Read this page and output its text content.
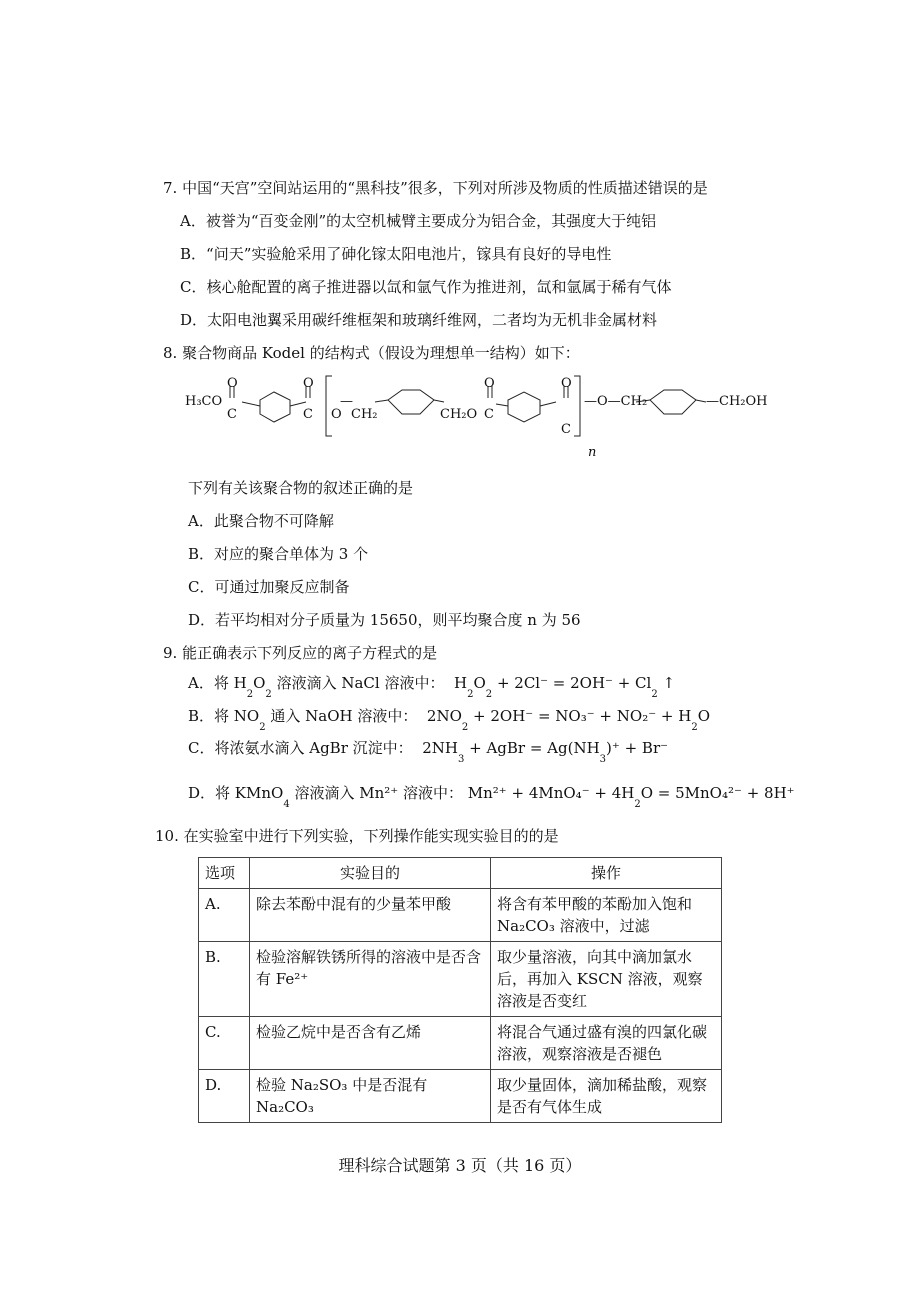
7. 中国“天宫”空间站运用的“黑科技”很多，下列对所涉及物质的性质描述错误的是
A．被誉为“百变金刚”的太空机械臂主要成分为铝合金，其强度大于纯铝
B．“问天”实验舱采用了砷化镓太阳电池片，镓具有良好的导电性
C．核心舱配置的离子推进器以氙和氩气作为推进剂，氙和氩属于稀有气体
D．太阳电池翼采用碳纤维框架和玻璃纤维网，二者均为无机非金属材料
8. 聚合物商品 Kodel 的结构式（假设为理想单一结构）如下：
H₃CO
O
C
O
C
—
O CH₂	CH₂O
O
C
O
C
—O—CH₂	—CH₂OH
n
下列有关该聚合物的叙述正确的是
A．此聚合物不可降解
B．对应的聚合单体为 3 个
C．可通过加聚反应制备
D．若平均相对分子质量为 15650，则平均聚合度 n 为 56
9. 能正确表示下列反应的离子方程式的是
A．将 $H_2O_2$ 溶液滴入 NaCl 溶液中： $H_2O_2 + 2Cl^- = 2OH^- + Cl_2$ ↑
B．将 $NO_2$ 通入 NaOH 溶液中： $2NO_2 + 2OH^- = NO_3^- + NO_2^- + H_2O$
C．将浓氨水滴入 AgBr 沉淀中： $2NH_3$ + AgBr = $Ag(NH_3)^+ + Br^-$
D．将 KMnO$_4$ 溶液滴入 Mn²⁺ 溶液中： $Mn^{2+} + 4MnO_4^- + 4H_2O = 5MnO_4^{2-} + 8H^+$
10. 在实验室中进行下列实验，下列操作能实现实验目的的是
选项	实验目的	操作
A.	除去苯酚中混有的少量苯甲酸	将含有苯甲酸的苯酚加入饱和 Na₂CO₃ 溶液中，过滤
B.	检验溶解铁锈所得的溶液中是否含有 Fe²⁺	取少量溶液，向其中滴加氯水后，再加入 KSCN 溶液，观察溶液是否变红
C.	检验乙烷中是否含有乙烯	将混合气通过盛有溴的四氯化碳溶液，观察溶液是否褪色
D.	检验 Na₂SO₃ 中是否混有 Na₂CO₃	取少量固体，滴加稀盐酸，观察是否有气体生成
理科综合试题第 3 页（共 16 页）
